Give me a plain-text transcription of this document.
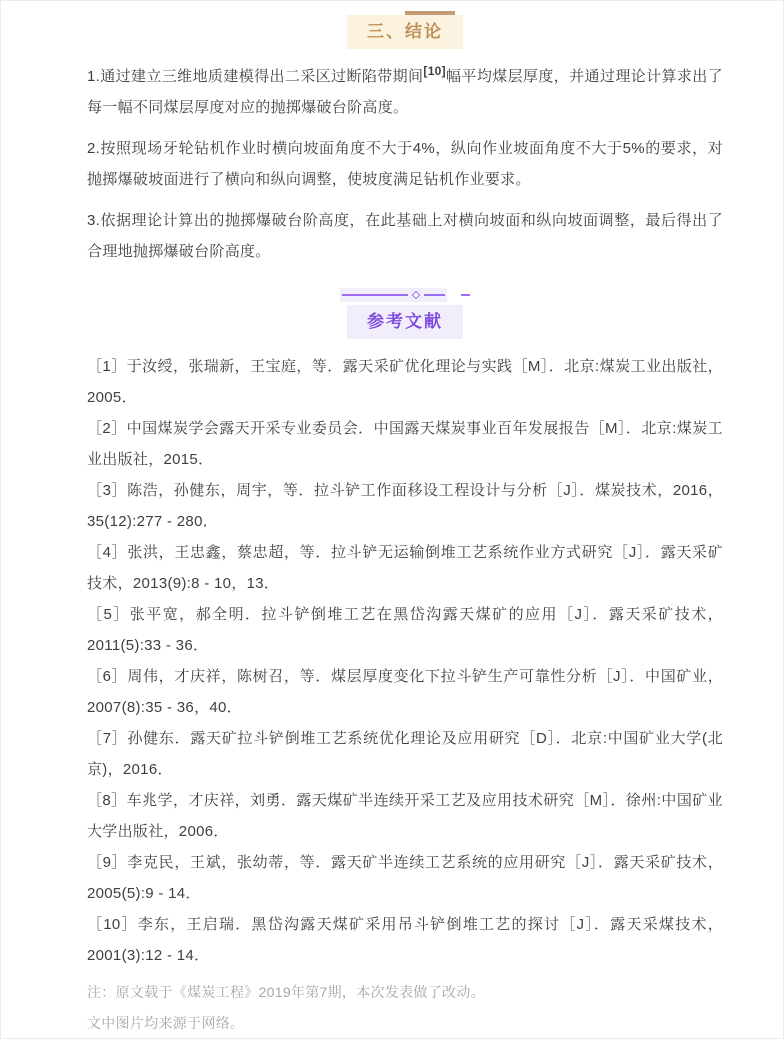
三、结论

1.通过建立三维地质建模得出二采区过断陷带期间[10]幅平均煤层厚度，并通过理论计算求出了每一幅不同煤层厚度对应的抛掷爆破台阶高度。

2.按照现场牙轮钻机作业时横向坡面角度不大于4%，纵向作业坡面角度不大于5%的要求，对抛掷爆破坡面进行了横向和纵向调整，使坡度满足钻机作业要求。

3.依据理论计算出的抛掷爆破台阶高度，在此基础上对横向坡面和纵向坡面调整，最后得出了合理地抛掷爆破台阶高度。

参考文献

［1］于汝绶，张瑞新，王宝庭，等．露天采矿优化理论与实践［M］．北京:煤炭工业出版社，2005．

［2］中国煤炭学会露天开采专业委员会．中国露天煤炭事业百年发展报告［M］．北京:煤炭工业出版社，2015．

［3］陈浩，孙健东，周宇，等．拉斗铲工作面移设工程设计与分析［J］．煤炭技术，2016，35(12):277 - 280．

［4］张洪，王忠鑫，蔡忠超，等．拉斗铲无运输倒堆工艺系统作业方式研究［J］．露天采矿技术，2013(9):8 - 10，13．

［5］张平宽，郝全明．拉斗铲倒堆工艺在黑岱沟露天煤矿的应用［J］．露天采矿技术，2011(5):33 - 36．

［6］周伟，才庆祥，陈树召，等．煤层厚度变化下拉斗铲生产可靠性分析［J］．中国矿业，2007(8):35 - 36，40．

［7］孙健东．露天矿拉斗铲倒堆工艺系统优化理论及应用研究［D］．北京:中国矿业大学(北京)，2016．

［8］车兆学，才庆祥，刘勇．露天煤矿半连续开采工艺及应用技术研究［M］．徐州:中国矿业大学出版社，2006．

［9］李克民，王斌，张幼蒂，等．露天矿半连续工艺系统的应用研究［J］．露天采矿技术，2005(5):9 - 14．

［10］李东，王启瑞．黑岱沟露天煤矿采用吊斗铲倒堆工艺的探讨［J］．露天采煤技术，2001(3):12 - 14．

注：原文载于《煤炭工程》2019年第7期，本次发表做了改动。

文中图片均来源于网络。
